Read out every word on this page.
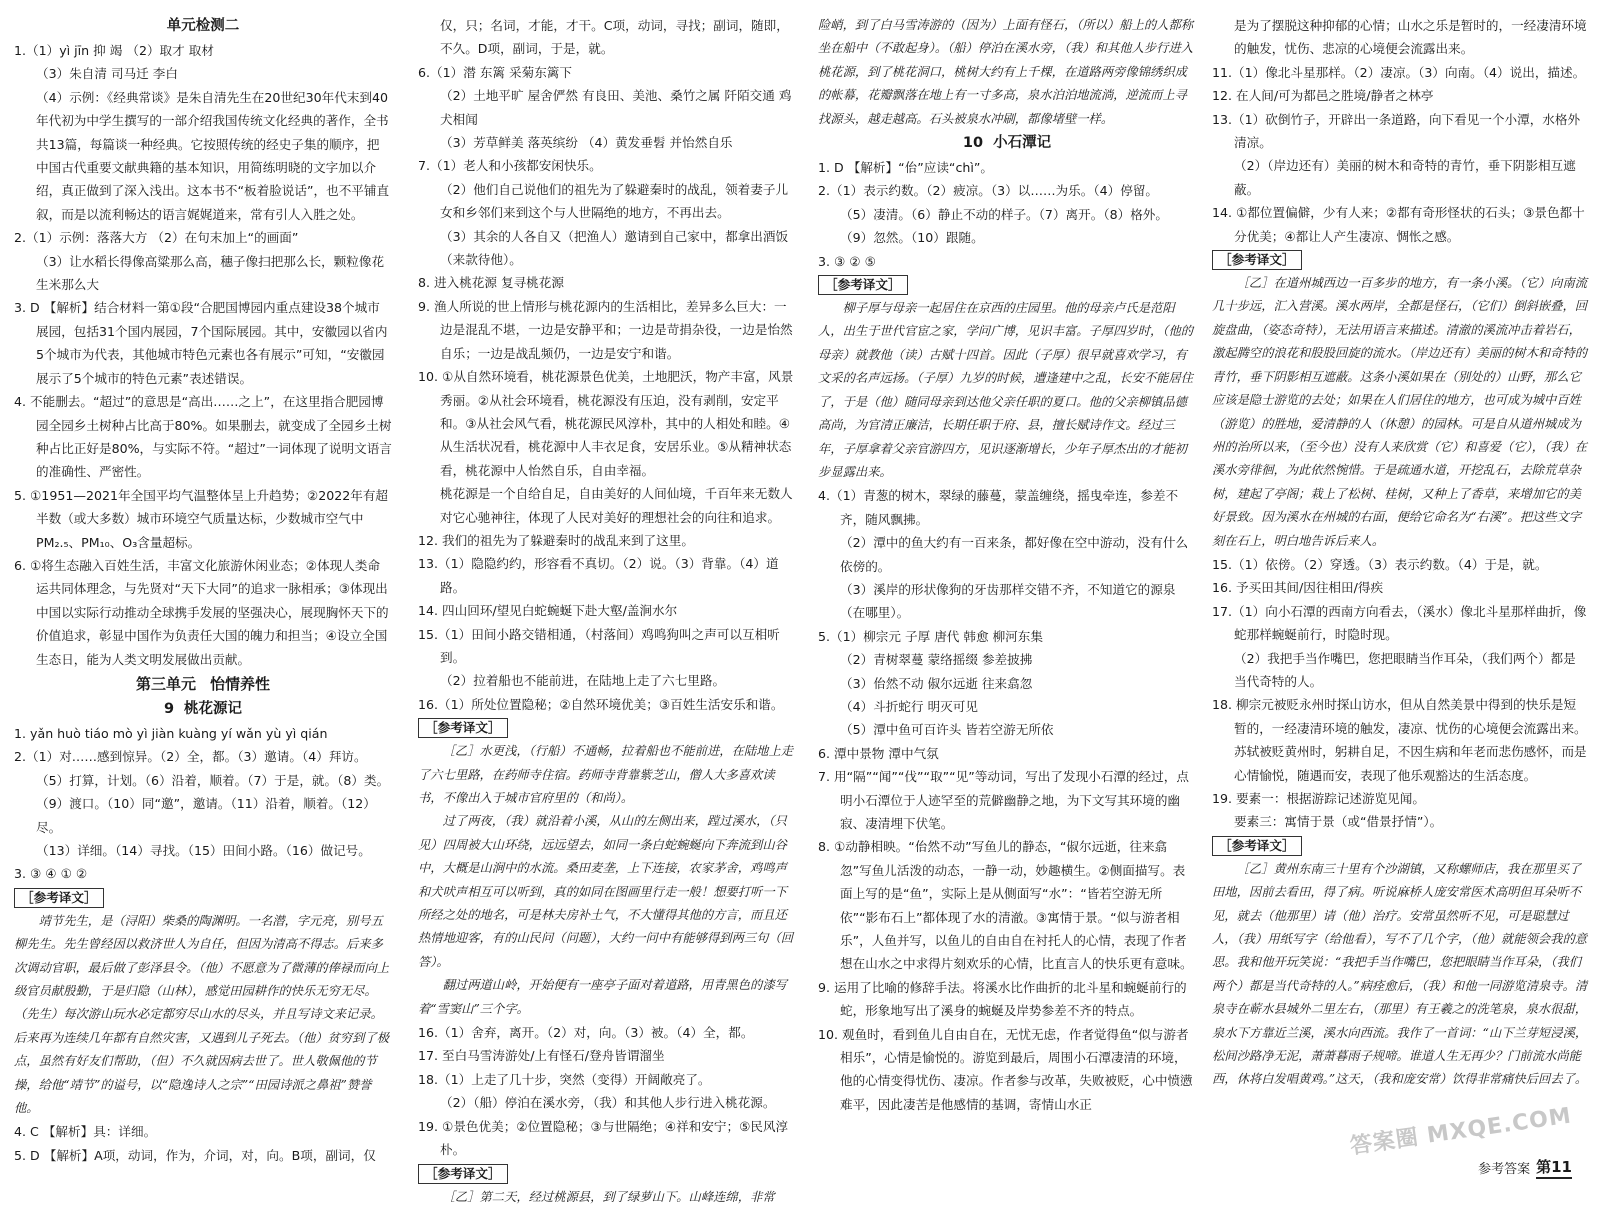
单元检测二

1.（1）yì jīn 抑 竭 （2）取才 取材

（3）朱自清 司马迁 李白

（4）示例：《经典常谈》是朱自清先生在20世纪30年代末到40年代初为中学生撰写的一部介绍我国传统文化经典的著作，全书共13篇，每篇谈一种经典。它按照传统的经史子集的顺序，把中国古代重要文献典籍的基本知识，用简练明晓的文字加以介绍，真正做到了深入浅出。这本书不“板着脸说话”，也不平铺直叙，而是以流利畅达的语言娓娓道来，常有引人入胜之处。

2.（1）示例：落落大方 （2）在句末加上“的画面”

（3）让水稻长得像高粱那么高，穗子像扫把那么长，颗粒像花生米那么大

3. D 【解析】结合材料一第①段“合肥国博园内重点建设38个城市展园，包括31个国内展园，7个国际展园。其中，安徽园以省内5个城市为代表，其他城市特色元素也各有展示”可知，“安徽园展示了5个城市的特色元素”表述错误。

4. 不能删去。“超过”的意思是“高出……之上”，在这里指合肥园博园全园乡土树种占比高于80%。如果删去，就变成了全园乡土树种占比正好是80%，与实际不符。“超过”一词体现了说明文语言的准确性、严密性。

5. ①1951—2021年全国平均气温整体呈上升趋势；②2022年有超半数（或大多数）城市环境空气质量达标，少数城市空气中PM₂.₅、PM₁₀、O₃含量超标。

6. ①将生态融入百姓生活，丰富文化旅游休闲业态；②体现人类命运共同体理念，与先贤对“天下大同”的追求一脉相承；③体现出中国以实际行动推动全球携手发展的坚强决心，展现胸怀天下的价值追求，彰显中国作为负责任大国的魄力和担当；④设立全国生态日，能为人类文明发展做出贡献。

第三单元 怡情养性
9 桃花源记

1. yǎn huò tiáo mò yì jiàn kuàng yí wǎn yù yì qián

2.（1）对……感到惊异。（2）全，都。（3）邀请。（4）拜访。

（5）打算，计划。（6）沿着，顺着。（7）于是，就。（8）类。

（9）渡口。（10）同“邀”，邀请。（11）沿着，顺着。（12）尽。

（13）详细。（14）寻找。（15）田间小路。（16）做记号。

3. ③ ④ ① ②

［参考译文］

靖节先生，是（浔阳）柴桑的陶渊明。一名潜，字元亮，别号五柳先生。先生曾经因以救济世人为自任，但因为清高不得志。后来多次调动官职，最后做了彭泽县令。（他）不愿意为了微薄的俸禄而向上级官员献殷勤，于是归隐（山林），感觉田园耕作的快乐无穷无尽。（先生）每次游山玩水必定都穷尽山水的尽头，并且写诗文来记录。后来再为连续几年都有自然灾害，又遇到儿子死去。（他）贫穷到了极点，虽然有好友们帮助，（但）不久就因病去世了。世人敬佩他的节操，给他“靖节”的谥号，以“隐逸诗人之宗”“田园诗派之鼻祖”赞誉他。

4. C 【解析】具：详细。

5. D 【解析】A项，动词，作为，介词，对，向。B项，副词，仅

仅，只；名词，才能，才干。C项，动词，寻找；副词，随即，不久。D项，副词，于是，就。

6.（1）潜 东篱 采菊东篱下

（2）土地平旷 屋舍俨然 有良田、美池、桑竹之属 阡陌交通 鸡犬相闻

（3）芳草鲜美 落英缤纷 （4）黄发垂髫 并怡然自乐

7.（1）老人和小孩都安闲快乐。

（2）他们自己说他们的祖先为了躲避秦时的战乱，领着妻子儿女和乡邻们来到这个与人世隔绝的地方，不再出去。

（3）其余的人各自又（把渔人）邀请到自己家中，都拿出酒饭（来款待他）。

8. 进入桃花源 复寻桃花源

9. 渔人所说的世上情形与桃花源内的生活相比，差异多么巨大：一边是混乱不堪，一边是安静平和；一边是苛捐杂役，一边是怡然自乐；一边是战乱频仍，一边是安宁和谐。

10. ①从自然环境看，桃花源景色优美，土地肥沃，物产丰富，风景秀丽。②从社会环境看，桃花源没有压迫，没有剥削，安定平和。③从社会风气看，桃花源民风淳朴，其中的人相处和睦。④从生活状况看，桃花源中人丰衣足食，安居乐业。⑤从精神状态看，桃花源中人怡然自乐，自由幸福。

桃花源是一个自给自足，自由美好的人间仙境，千百年来无数人对它心驰神往，体现了人民对美好的理想社会的向往和追求。

12. 我们的祖先为了躲避秦时的战乱来到了这里。

13.（1）隐隐约约，形容看不真切。（2）说。（3）背靠。（4）道路。

14. 四山回环/望见白蛇蜿蜒下赴大壑/盖涧水尔

15.（1）田间小路交错相通，（村落间）鸡鸣狗叫之声可以互相听到。

（2）拉着船也不能前进，在陆地上走了六七里路。

16.（1）所处位置隐秘；②自然环境优美；③百姓生活安乐和谐。

［参考译文］

［乙］水更浅，（行船）不通畅，拉着船也不能前进，在陆地上走了六七里路，在药师寺住宿。药师寺背靠紫芝山，僧人大多喜欢读书，不像出入于城市官府里的（和尚）。

过了两夜，（我）就沿着小溪，从山的左侧出来，蹚过溪水，（只见）四周被大山环绕，远远望去，如同一条白蛇蜿蜒向下奔流到山谷中，大概是山涧中的水流。桑田麦垄，上下连接，农家茅舍，鸡鸣声和犬吠声相互可以听到，真的如同在图画里行走一般！想要打听一下所经之处的地名，可是林夫房补土气，不大懂得其他的方言，而且还热情地迎客，有的山民问（问题），大约一问中有能够得到两三句（回答）。

翻过两道山岭，开始便有一座亭子面对着道路，用青黑色的漆写着“雪窦山”三个字。

16.（1）舍弃，离开。（2）对，向。（3）被。（4）全，都。

17. 至白马雪涛游处/上有怪石/登舟皆谓溜坐

18.（1）上走了几十步，突然（变得）开阔敞亮了。

（2）（船）停泊在溪水旁，（我）和其他人步行进入桃花源。

19. ①景色优美；②位置隐秘；③与世隔绝；④祥和安宁；⑤民风淳朴。

［参考译文］

［乙］第二天，经过桃源县，到了绿萝山下。山峰连绵，非常

险峭，到了白马雪涛游的（因为）上面有怪石，（所以）船上的人都称坐在船中（不敢起身）。（船）停泊在溪水旁，（我）和其他人步行进入桃花源，到了桃花洞口，桃树大约有上千棵，在道路两旁像锦绣织成的帐幕，花瓣飘落在地上有一寸多高，泉水泊泊地流淌，逆流而上寻找源头，越走越高。石头被泉水冲刷，都像堵壁一样。

10 小石潭记

1. D 【解析】“佁”应读“chì”。

2.（1）表示约数。（2）疲凉。（3）以……为乐。（4）停留。

（5）凄清。（6）静止不动的样子。（7）离开。（8）格外。

（9）忽然。（10）跟随。

3. ③ ② ⑤

［参考译文］

柳子厚与母亲一起居住在京西的庄园里。他的母亲卢氏是范阳人，出生于世代官宦之家，学问广博，见识丰富。子厚四岁时，（他的母亲）就教他（读）古赋十四首。因此（子厚）很早就喜欢学习，有文采的名声远扬。（子厚）九岁的时候，遭逢建中之乱，长安不能居住了，于是（他）随同母亲到达他父亲任职的夏口。他的父亲柳镇品德高尚，为官清正廉洁，长期任职于府、县，擅长赋诗作文。经过三年，子厚拿着父亲官游四方，见识逐渐增长，少年子厚杰出的才能初步显露出来。

4.（1）青葱的树木，翠绿的藤蔓，蒙盖缠绕，摇曳牵连，参差不齐，随风飘拂。

（2）潭中的鱼大约有一百来条，都好像在空中游动，没有什么依傍的。

（3）溪岸的形状像狗的牙齿那样交错不齐，不知道它的源泉（在哪里）。

5.（1）柳宗元 子厚 唐代 韩愈 柳河东集

（2）青树翠蔓 蒙络摇缀 参差披拂

（3）佁然不动 俶尔远逝 往来翕忽

（4）斗折蛇行 明灭可见

（5）潭中鱼可百许头 皆若空游无所依

6. 潭中景物 潭中气氛

7. 用“隔”“闻”“伐”“取”“见”等动词，写出了发现小石潭的经过，点明小石潭位于人迹罕至的荒僻幽静之地，为下文写其环境的幽寂、凄清埋下伏笔。

8. ①动静相映。“佁然不动”写鱼儿的静态，“俶尔远逝，往来翕忽”写鱼儿活泼的动态，一静一动，妙趣横生。②侧面描写。表面上写的是“鱼”，实际上是从侧面写“水”：“皆若空游无所依”“影布石上”都体现了水的清澈。③寓情于景。“似与游者相乐”，人鱼并写，以鱼儿的自由自在衬托人的心情，表现了作者想在山水之中求得片刻欢乐的心情，比直言人的快乐更有意味。

9. 运用了比喻的修辞手法。将溪水比作曲折的北斗星和蜿蜒前行的蛇，形象地写出了溪身的蜿蜒及岸势参差不齐的特点。

10. 观鱼时，看到鱼儿自由自在，无忧无虑，作者觉得鱼“似与游者相乐”，心情是愉悦的。游览到最后，周围小石潭凄清的环境，他的心情变得忧伤、凄凉。作者参与改革，失败被贬，心中愤懑难平，因此凄苦是他感情的基调，寄情山水正

是为了摆脱这种抑郁的心情；山水之乐是暂时的，一经凄清环境的触发，忧伤、悲凉的心境便会流露出来。

11.（1）像北斗星那样。（2）凄凉。（3）向南。（4）说出，描述。

12. 在人间/可为都邑之胜境/静者之林亭

13.（1）砍倒竹子，开辟出一条道路，向下看见一个小潭，水格外清凉。

（2）（岸边还有）美丽的树木和奇特的青竹，垂下阴影相互遮蔽。

14. ①都位置偏僻，少有人来；②都有奇形怪状的石头；③景色都十分优美；④都让人产生凄凉、惆怅之感。

［参考译文］

［乙］在道州城西边一百多步的地方，有一条小溪。（它）向南流几十步远，汇入营溪。溪水两岸，全都是怪石，（它们）倒斜嵌叠，回旋盘曲，（姿态奇特），无法用语言来描述。清澈的溪流冲击着岩石，激起腾空的浪花和股股回旋的流水。（岸边还有）美丽的树木和奇特的青竹，垂下阴影相互遮蔽。这条小溪如果在（别处的）山野，那么它应该是隐士游览的去处；如果在人们居住的地方，也可成为城中百姓（游览）的胜地，爱清静的人（休憩）的园林。可是自从道州城成为州的治所以来，（至今也）没有人来欣赏（它）和喜爱（它），（我）在溪水旁徘徊，为此依然惋惜。于是疏通水道，开挖乱石，去除荒草杂树，建起了亭阁；栽上了松树、桂树，又种上了香草，来增加它的美好景致。因为溪水在州城的右面，便给它命名为“右溪”。把这些文字刻在石上，明白地告诉后来人。

15.（1）依傍。（2）穿透。（3）表示约数。（4）于是，就。

16. 予买田其间/因往相田/得疾

17.（1）向小石潭的西南方向看去，（溪水）像北斗星那样曲折，像蛇那样蜿蜒前行，时隐时现。

（2）我把手当作嘴巴，您把眼睛当作耳朵，（我们两个）都是当代奇特的人。

18. 柳宗元被贬永州时探山访水，但从自然美景中得到的快乐是短暂的，一经凄清环境的触发，凄凉、忧伤的心境便会流露出来。苏轼被贬黄州时，躬耕自足，不因生病和年老而悲伤感怀，而是心情愉悦，随遇而安，表现了他乐观豁达的生活态度。

19. 要素一：根据游踪记述游览见闻。

要素三：寓情于景（或“借景抒情”）。

［参考译文］

［乙］黄州东南三十里有个沙湖镇，又称螺师店，我在那里买了田地，因前去看田，得了病。听说麻桥人庞安常医术高明但耳朵听不见，就去（他那里）请（他）治疗。安常虽然听不见，可是聪慧过人，（我）用纸写字（给他看），写不了几个字，（他）就能领会我的意思。我和他开玩笑说：“我把手当作嘴巴，您把眼睛当作耳朵，（我们两个）都是当代奇特的人。”病痊愈后，（我）和他一同游览清泉寺。清泉寺在蕲水县城外二里左右，（那里）有王羲之的洗笔泉，泉水很甜，泉水下方靠近兰溪，溪水向西流。我作了一首词：“山下兰芽短浸溪，松间沙路净无泥，萧萧暮雨子规啼。谁道人生无再少？门前流水尚能西，休将白发唱黄鸡。”这天，（我和庞安常）饮得非常痛快后回去了。

答案圈 MXQE.COM
参考答案 第11
